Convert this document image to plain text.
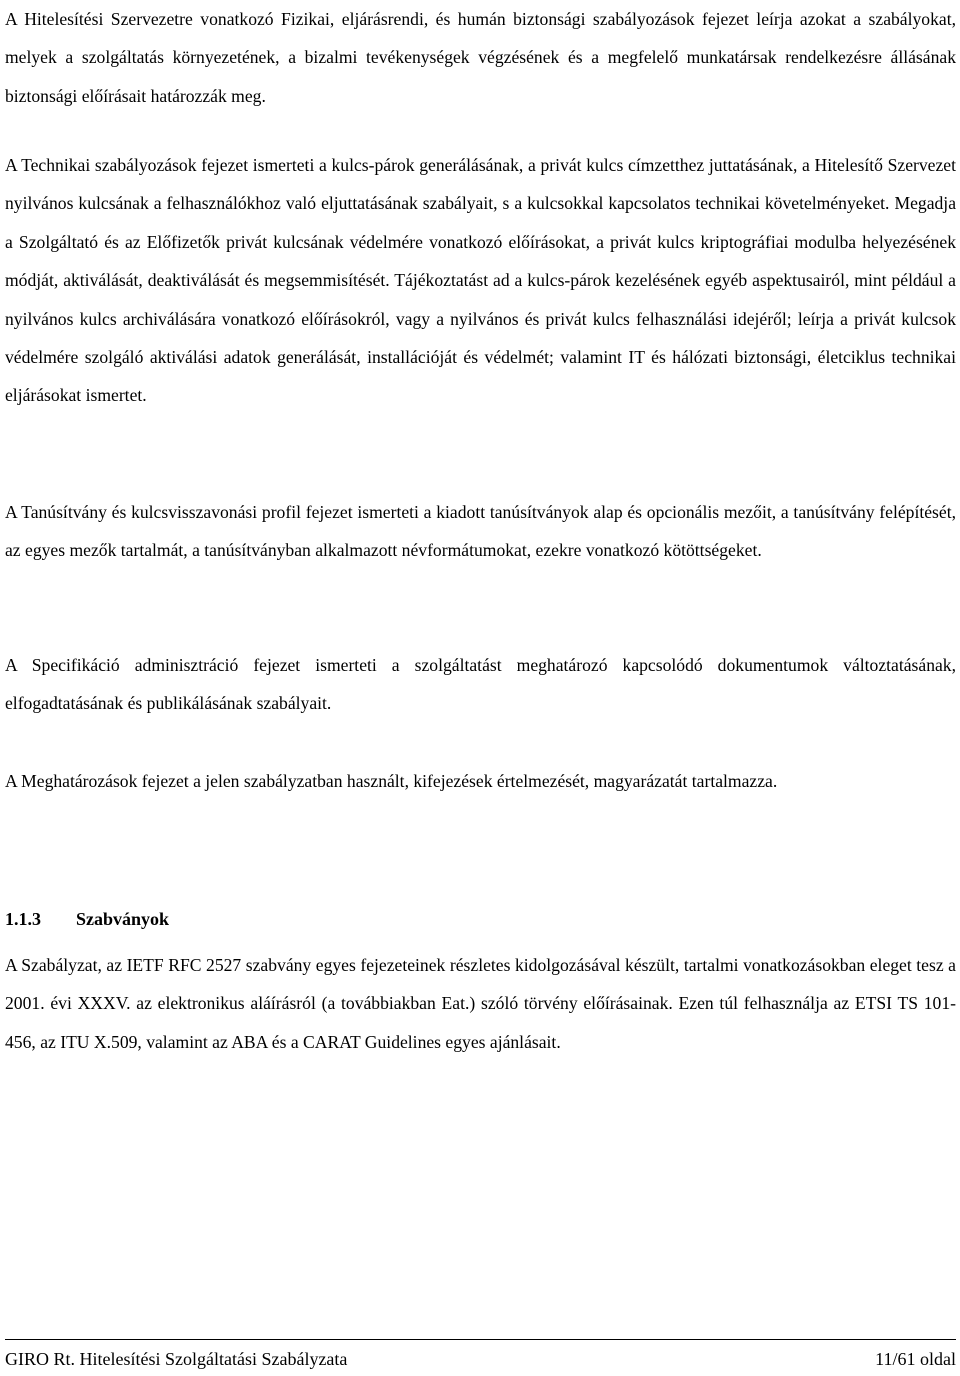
A Hitelesítési Szervezetre vonatkozó Fizikai, eljárásrendi, és humán biztonsági szabályozások fejezet leírja azokat a szabályokat, melyek a szolgáltatás környezetének, a bizalmi tevékenységek végzésének és a megfelelő munkatársak rendelkezésre állásának biztonsági előírásait határozzák meg.

A Technikai szabályozások fejezet ismerteti a kulcs-párok generálásának, a privát kulcs címzetthez juttatásának, a Hitelesítő Szervezet nyilvános kulcsának a felhasználókhoz való eljuttatásának szabályait, s a kulcsokkal kapcsolatos technikai követelményeket. Megadja a Szolgáltató és az Előfizetők privát kulcsának védelmére vonatkozó előírásokat, a privát kulcs kriptográfiai modulba helyezésének módját, aktiválását, deaktiválását és megsemmisítését. Tájékoztatást ad a kulcs-párok kezelésének egyéb aspektusairól, mint például a nyilvános kulcs archiválására vonatkozó előírásokról, vagy a nyilvános és privát kulcs felhasználási idejéről; leírja a privát kulcsok védelmére szolgáló aktiválási adatok generálását, installációját és védelmét; valamint IT és hálózati biztonsági, életciklus technikai eljárásokat ismertet.

A Tanúsítvány és kulcsvisszavonási profil fejezet ismerteti a kiadott tanúsítványok alap és opcionális mezőit, a tanúsítvány felépítését, az egyes mezők tartalmát, a tanúsítványban alkalmazott névformátumokat, ezekre vonatkozó kötöttségeket.

A Specifikáció adminisztráció fejezet ismerteti a szolgáltatást meghatározó kapcsolódó dokumentumok változtatásának, elfogadtatásának és publikálásának szabályait.

A Meghatározások fejezet a jelen szabályzatban használt, kifejezések értelmezését, magyarázatát tartalmazza.

1.1.3 Szabványok

A Szabályzat, az IETF RFC 2527 szabvány egyes fejezeteinek részletes kidolgozásával készült, tartalmi vonatkozásokban eleget tesz a 2001. évi XXXV. az elektronikus aláírásról (a továbbiakban Eat.) szóló törvény előírásainak. Ezen túl felhasználja az ETSI TS 101-456, az ITU X.509, valamint az ABA és a CARAT Guidelines egyes ajánlásait.

GIRO Rt. Hitelesítési Szolgáltatási Szabályzata	11/61 oldal
